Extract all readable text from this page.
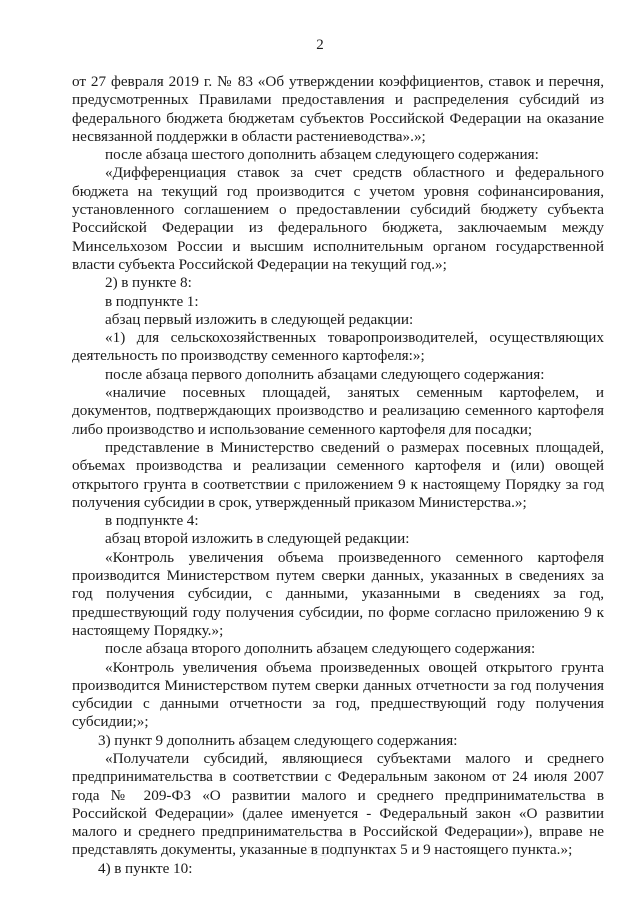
2

от 27 февраля 2019 г. № 83 «Об утверждении коэффициентов, ставок и перечня, предусмотренных Правилами предоставления и распределения субсидий из федерального бюджета бюджетам субъектов Российской Федерации на оказание несвязанной поддержки в области растениеводства».»;

после абзаца шестого дополнить абзацем следующего содержания:

«Дифференциация ставок за счет средств областного и федерального бюджета на текущий год производится с учетом уровня софинансирования, установленного соглашением о предоставлении субсидий бюджету субъекта Российской Федерации из федерального бюджета, заключаемым между Минсельхозом России и высшим исполнительным органом государственной власти субъекта Российской Федерации на текущий год.»;

2) в пункте 8:

в подпункте 1:

абзац первый изложить в следующей редакции:

«1) для сельскохозяйственных товаропроизводителей, осуществляющих деятельность по производству семенного картофеля:»;

после абзаца первого дополнить абзацами следующего содержания:

«наличие посевных площадей, занятых семенным картофелем, и документов, подтверждающих производство и реализацию семенного картофеля либо производство и использование семенного картофеля для посадки;

представление в Министерство сведений о размерах посевных площадей, объемах производства и реализации семенного картофеля и (или) овощей открытого грунта в соответствии с приложением 9 к настоящему Порядку за год получения субсидии в срок, утвержденный приказом Министерства.»;

в подпункте 4:

абзац второй изложить в следующей редакции:

«Контроль увеличения объема произведенного семенного картофеля производится Министерством путем сверки данных, указанных в сведениях за год получения субсидии, с данными, указанными в сведениях за год, предшествующий году получения субсидии, по форме согласно приложению 9 к настоящему Порядку.»;

после абзаца второго дополнить абзацем следующего содержания:

«Контроль увеличения объема произведенных овощей открытого грунта производится Министерством путем сверки данных отчетности за год получения субсидии с данными отчетности за год, предшествующий году получения субсидии;»;

3) пункт 9 дополнить абзацем следующего содержания:

«Получатели субсидий, являющиеся субъектами малого и среднего предпринимательства в соответствии с Федеральным законом от 24 июля 2007 года № 209-ФЗ «О развитии малого и среднего предпринимательства в Российской Федерации» (далее именуется - Федеральный закон «О развитии малого и среднего предпринимательства в Российской Федерации»), вправе не представлять документы, указанные в подпунктах 5 и 9 настоящего пункта.»;

4) в пункте 10:
